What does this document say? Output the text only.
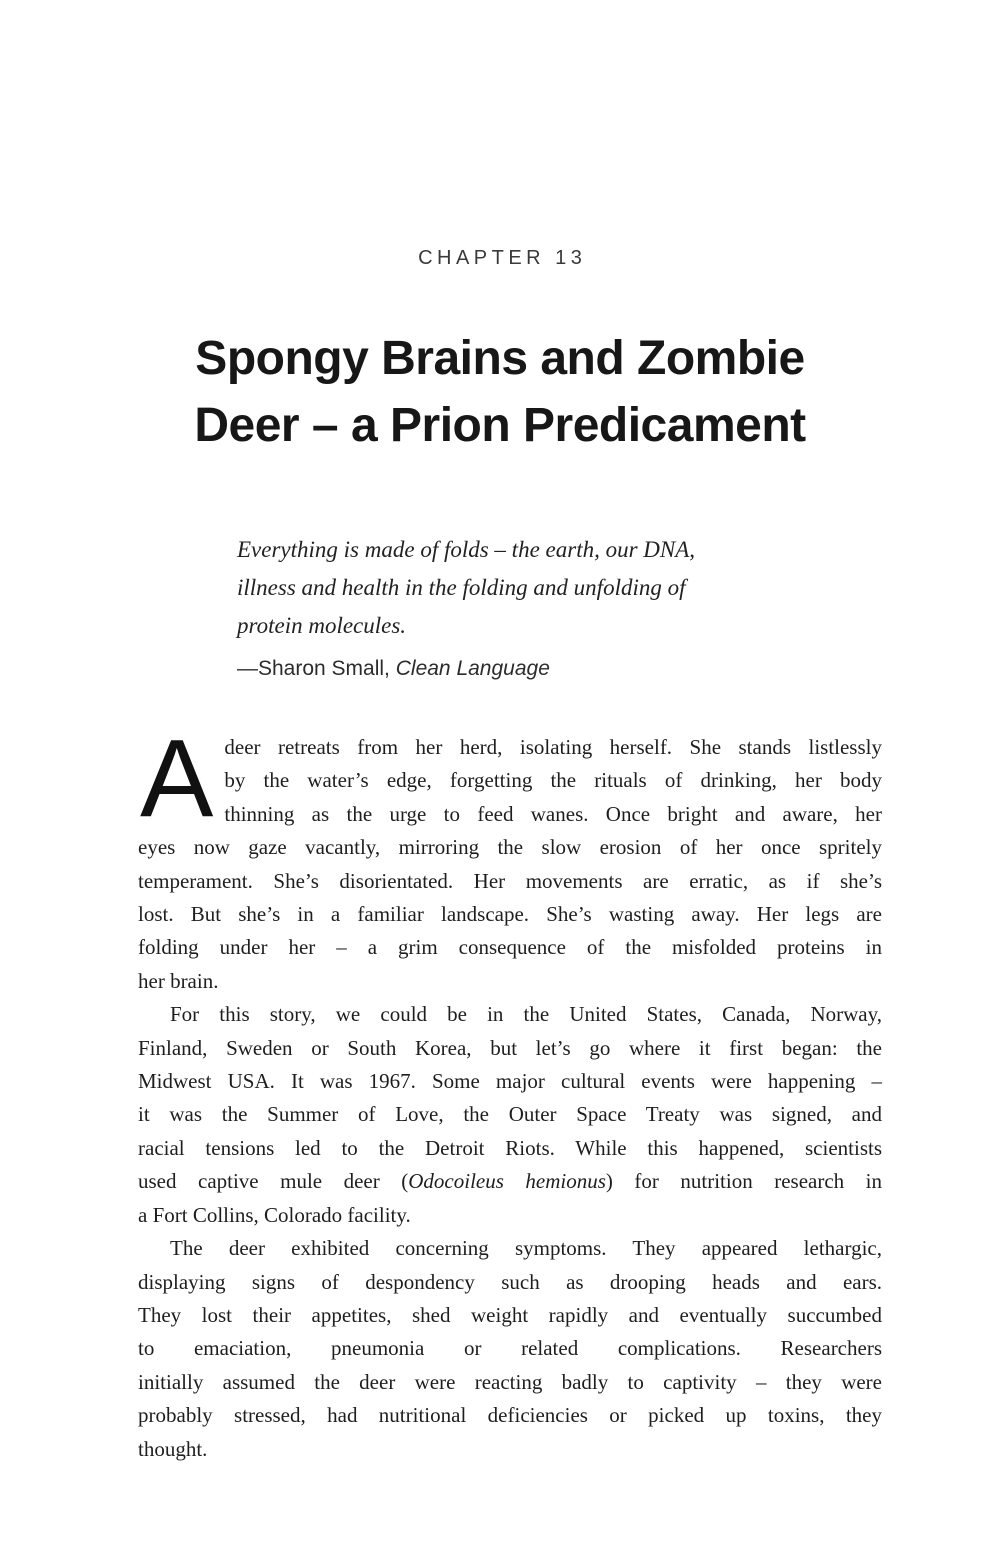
CHAPTER 13
Spongy Brains and Zombie
Deer – a Prion Predicament
Everything is made of folds – the earth, our DNA,
illness and health in the folding and unfolding of
protein molecules.
—Sharon Small, Clean Language
A deer retreats from her herd, isolating herself. She stands listlessly
by the water’s edge, forgetting the rituals of drinking, her body
thinning as the urge to feed wanes. Once bright and aware, her
eyes now gaze vacantly, mirroring the slow erosion of her once spritely
temperament. She’s disorientated. Her movements are erratic, as if she’s
lost. But she’s in a familiar landscape. She’s wasting away. Her legs are
folding under her – a grim consequence of the misfolded proteins in
her brain.
For this story, we could be in the United States, Canada, Norway,
Finland, Sweden or South Korea, but let’s go where it first began: the
Midwest USA. It was 1967. Some major cultural events were happening –
it was the Summer of Love, the Outer Space Treaty was signed, and
racial tensions led to the Detroit Riots. While this happened, scientists
used captive mule deer (Odocoileus hemionus) for nutrition research in
a Fort Collins, Colorado facility.
The deer exhibited concerning symptoms. They appeared lethargic,
displaying signs of despondency such as drooping heads and ears.
They lost their appetites, shed weight rapidly and eventually succumbed
to emaciation, pneumonia or related complications. Researchers
initially assumed the deer were reacting badly to captivity – they were
probably stressed, had nutritional deficiencies or picked up toxins, they
thought.
